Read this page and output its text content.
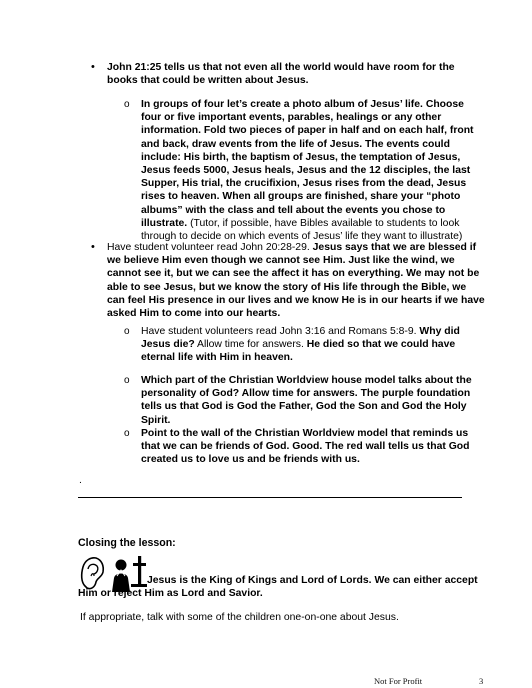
• John 21:25 tells us that not even all the world would have room for the books that could be written about Jesus.

o In groups of four let’s create a photo album of Jesus’ life. Choose four or five important events, parables, healings or any other information. Fold two pieces of paper in half and on each half, front and back, draw events from the life of Jesus. The events could include: His birth, the baptism of Jesus, the temptation of Jesus, Jesus feeds 5000, Jesus heals, Jesus and the 12 disciples, the last Supper, His trial, the crucifixion, Jesus rises from the dead, Jesus rises to heaven. When all groups are finished, share your “photo albums” with the class and tell about the events you chose to illustrate. (Tutor, if possible, have Bibles available to students to look through to decide on which events of Jesus’ life they want to illustrate)

• Have student volunteer read John 20:28-29. Jesus says that we are blessed if we believe Him even though we cannot see Him. Just like the wind, we cannot see it, but we can see the affect it has on everything. We may not be able to see Jesus, but we know the story of His life through the Bible, we can feel His presence in our lives and we know He is in our hearts if we have asked Him to come into our hearts.

o Have student volunteers read John 3:16 and Romans 5:8-9. Why did Jesus die? Allow time for answers. He died so that we could have eternal life with Him in heaven.

o Which part of the Christian Worldview house model talks about the personality of God? Allow time for answers. The purple foundation tells us that God is God the Father, God the Son and God the Holy Spirit.

o Point to the wall of the Christian Worldview model that reminds us that we can be friends of God. Good. The red wall tells us that God created us to love us and be friends with us.

.

Closing the lesson:

Jesus is the King of Kings and Lord of Lords. We can either accept Him or reject Him as Lord and Savior.

If appropriate, talk with some of the children one-on-one about Jesus.

Not For Profit	3
